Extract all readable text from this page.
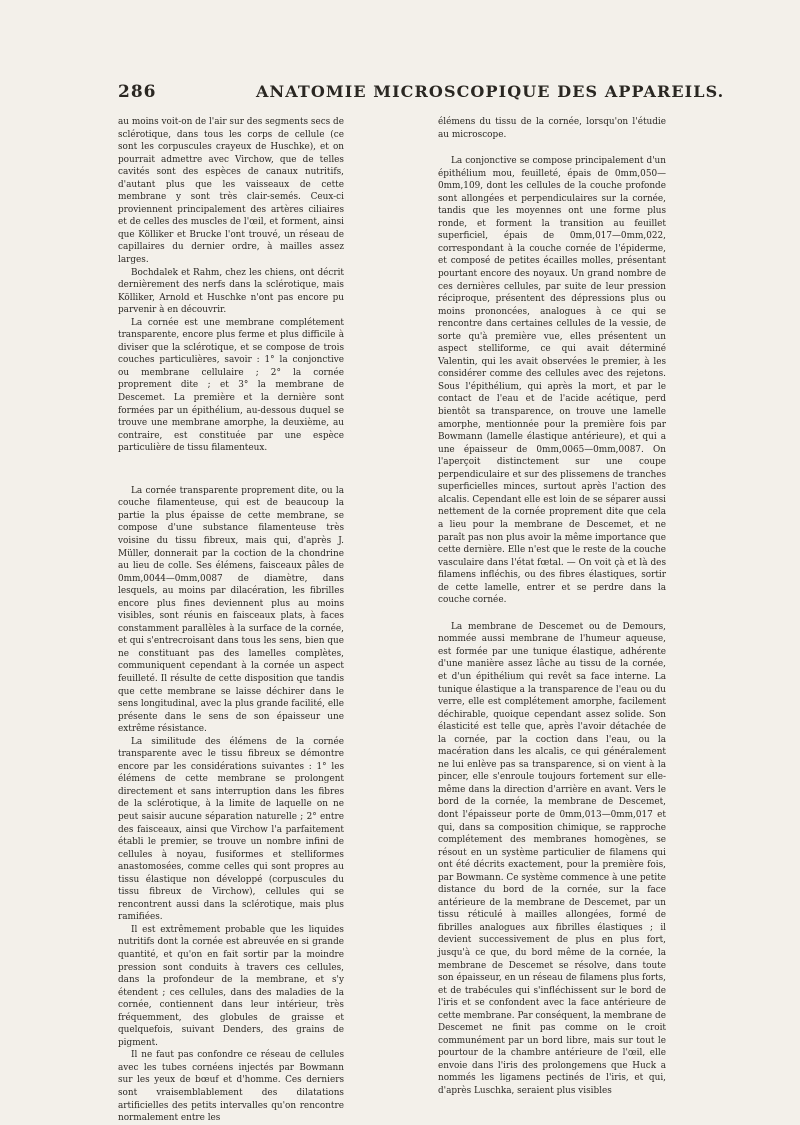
286	ANATOMIE MICROSCOPIQUE DES APPAREILS.

au moins voit-on de l'air sur des segments secs de sclérotique, dans tous les corps de cellule (ce sont les corpuscules crayeux de Huschke), et on pourrait admettre avec Virchow, que de telles cavités sont des espèces de canaux nutritifs, d'autant plus que les vaisseaux de cette membrane y sont très clair-semés. Ceux-ci proviennent principalement des artères ciliaires et de celles des muscles de l'œil, et forment, ainsi que Kölliker et Brucke l'ont trouvé, un réseau de capillaires du dernier ordre, à mailles assez larges.

Bochdalek et Rahm, chez les chiens, ont décrit dernièrement des nerfs dans la sclérotique, mais Kölliker, Arnold et Huschke n'ont pas encore pu parvenir à en découvrir.

La cornée est une membrane complétement transparente, encore plus ferme et plus difficile à diviser que la sclérotique, et se compose de trois couches particulières, savoir : 1° la conjonctive ou membrane cellulaire ; 2° la cornée proprement dite ; et 3° la membrane de Descemet. La première et la dernière sont formées par un épithélium, au-dessous duquel se trouve une membrane amorphe, la deuxième, au contraire, est constituée par une espèce particulière de tissu filamenteux.

La cornée transparente proprement dite, ou la couche filamenteuse, qui est de beaucoup la partie la plus épaisse de cette membrane, se compose d'une substance filamenteuse très voisine du tissu fibreux, mais qui, d'après J. Müller, donnerait par la coction de la chondrine au lieu de colle. Ses élémens, faisceaux pâles de 0mm,0044—0mm,0087 de diamètre, dans lesquels, au moins par dilacération, les fibrilles encore plus fines deviennent plus au moins visibles, sont réunis en faisceaux plats, à faces constamment parallèles à la surface de la cornée, et qui s'entrecroisant dans tous les sens, bien que ne constituant pas des lamelles complètes, communiquent cependant à la cornée un aspect feuilleté. Il résulte de cette disposition que tandis que cette membrane se laisse déchirer dans le sens longitudinal, avec la plus grande facilité, elle présente dans le sens de son épaisseur une extrême résistance.

La similitude des élémens de la cornée transparente avec le tissu fibreux se démontre encore par les considérations suivantes : 1° les élémens de cette membrane se prolongent directement et sans interruption dans les fibres de la sclérotique, à la limite de laquelle on ne peut saisir aucune séparation naturelle ; 2° entre des faisceaux, ainsi que Virchow l'a parfaitement établi le premier, se trouve un nombre infini de cellules à noyau, fusiformes et stelliformes anastomosées, comme celles qui sont propres au tissu élastique non développé (corpuscules du tissu fibreux de Virchow), cellules qui se rencontrent aussi dans la sclérotique, mais plus ramifiées.

Il est extrêmement probable que les liquides nutritifs dont la cornée est abreuvée en si grande quantité, et qu'on en fait sortir par la moindre pression sont conduits à travers ces cellules, dans la profondeur de la membrane, et s'y étendent ; ces cellules, dans des maladies de la cornée, contiennent dans leur intérieur, très fréquemment, des globules de graisse et quelquefois, suivant Denders, des grains de pigment.

Il ne faut pas confondre ce réseau de cellules avec les tubes cornéens injectés par Bowmann sur les yeux de bœuf et d'homme. Ces derniers sont vraisemblablement des dilatations artificielles des petits intervalles qu'on rencontre normalement entre les

élémens du tissu de la cornée, lorsqu'on l'étudie au microscope.

La conjonctive se compose principalement d'un épithélium mou, feuilleté, épais de 0mm,050—0mm,109, dont les cellules de la couche profonde sont allongées et perpendiculaires sur la cornée, tandis que les moyennes ont une forme plus ronde, et forment la transition au feuillet superficiel, épais de 0mm,017—0mm,022, correspondant à la couche cornée de l'épiderme, et composé de petites écailles molles, présentant pourtant encore des noyaux. Un grand nombre de ces dernières cellules, par suite de leur pression réciproque, présentent des dépressions plus ou moins prononcées, analogues à ce qui se rencontre dans certaines cellules de la vessie, de sorte qu'à première vue, elles présentent un aspect stelliforme, ce qui avait déterminé Valentin, qui les avait observées le premier, à les considérer comme des cellules avec des rejetons. Sous l'épithélium, qui après la mort, et par le contact de l'eau et de l'acide acétique, perd bientôt sa transparence, on trouve une lamelle amorphe, mentionnée pour la première fois par Bowmann (lamelle élastique antérieure), et qui a une épaisseur de 0mm,0065—0mm,0087. On l'aperçoit distinctement sur une coupe perpendiculaire et sur des plissemens de tranches superficielles minces, surtout après l'action des alcalis. Cependant elle est loin de se séparer aussi nettement de la cornée proprement dite que cela a lieu pour la membrane de Descemet, et ne paraît pas non plus avoir la même importance que cette dernière. Elle n'est que le reste de la couche vasculaire dans l'état fœtal. — On voit çà et là des filamens infléchis, ou des fibres élastiques, sortir de cette lamelle, entrer et se perdre dans la couche cornée.

La membrane de Descemet ou de Demours, nommée aussi membrane de l'humeur aqueuse, est formée par une tunique élastique, adhérente d'une manière assez lâche au tissu de la cornée, et d'un épithélium qui revêt sa face interne. La tunique élastique a la transparence de l'eau ou du verre, elle est complétement amorphe, facilement déchirable, quoique cependant assez solide. Son élasticité est telle que, après l'avoir détachée de la cornée, par la coction dans l'eau, ou la macération dans les alcalis, ce qui généralement ne lui enlève pas sa transparence, si on vient à la pincer, elle s'enroule toujours fortement sur elle-même dans la direction d'arrière en avant. Vers le bord de la cornée, la membrane de Descemet, dont l'épaisseur porte de 0mm,013—0mm,017 et qui, dans sa composition chimique, se rapproche complétement des membranes homogènes, se résout en un système particulier de filamens qui ont été décrits exactement, pour la première fois, par Bowmann. Ce système commence à une petite distance du bord de la cornée, sur la face antérieure de la membrane de Descemet, par un tissu réticulé à mailles allongées, formé de fibrilles analogues aux fibrilles élastiques ; il devient successivement de plus en plus fort, jusqu'à ce que, du bord même de la cornée, la membrane de Descemet se résolve, dans toute son épaisseur, en un réseau de filamens plus forts, et de trabécules qui s'infléchissent sur le bord de l'iris et se confondent avec la face antérieure de cette membrane. Par conséquent, la membrane de Descemet ne finit pas comme on le croit communément par un bord libre, mais sur tout le pourtour de la chambre antérieure de l'œil, elle envoie dans l'iris des prolongemens que Huck a nommés les ligamens pectinés de l'iris, et qui, d'après Luschka, seraient plus visibles
